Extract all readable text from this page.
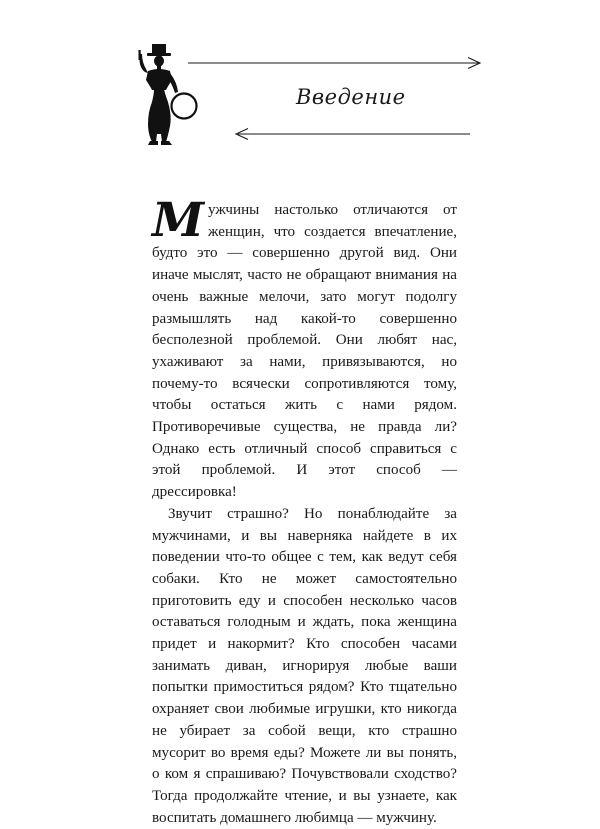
Введение

Мужчины настолько отличаются от женщин, что создается впечатление, будто это — совершенно другой вид. Они иначе мыслят, часто не обращают внимания на очень важные мелочи, зато могут подолгу размышлять над какой-то совершенно бесполезной проблемой. Они любят нас, ухаживают за нами, привязываются, но почему-то всячески сопротивляются тому, чтобы остаться жить с нами рядом. Противоречивые существа, не правда ли? Однако есть отличный способ справиться с этой проблемой. И этот способ — дрессировка!

Звучит страшно? Но понаблюдайте за мужчинами, и вы наверняка найдете в их поведении что-то общее с тем, как ведут себя собаки. Кто не может самостоятельно приготовить еду и способен несколько часов оставаться голодным и ждать, пока женщина придет и накормит? Кто способен часами занимать диван, игнорируя любые ваши попытки примоститься рядом? Кто тщательно охраняет свои любимые игрушки, кто никогда не убирает за собой вещи, кто страшно мусорит во время еды? Можете ли вы понять, о ком я спрашиваю? Почувствовали сходство? Тогда продолжайте чтение, и вы узнаете, как воспитать домашнего любимца — мужчину.
